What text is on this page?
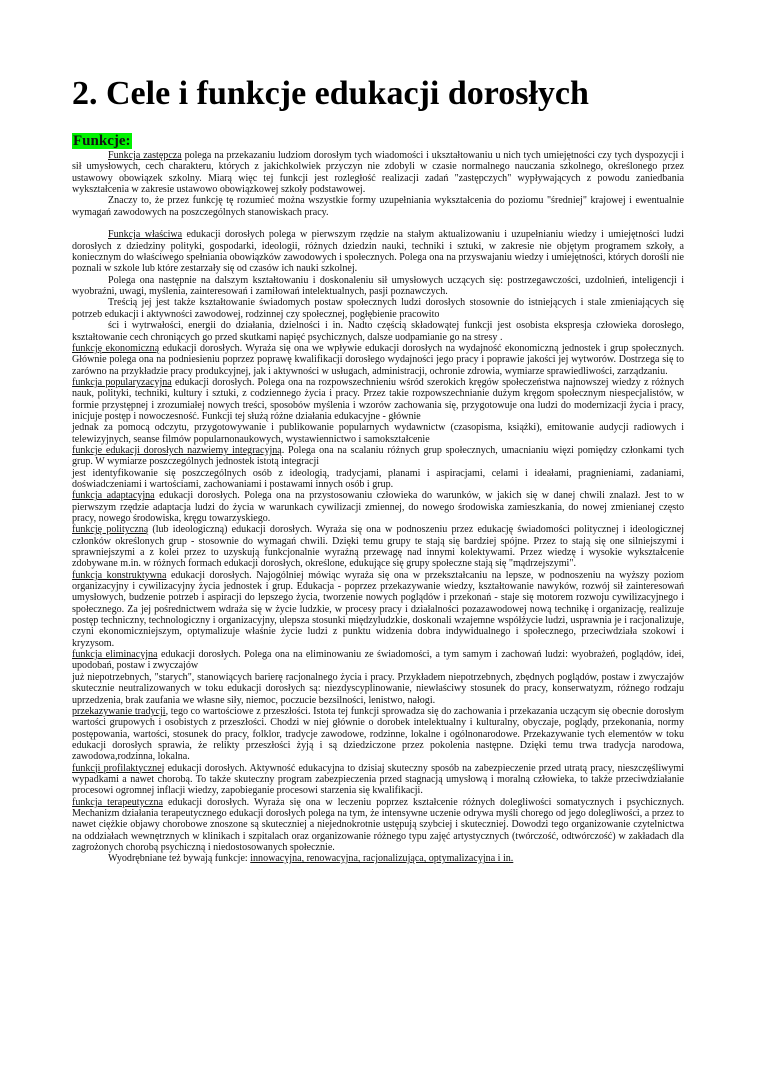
2. Cele i funkcje edukacji dorosłych
Funkcje:

Funkcja zastępcza polega na przekazaniu ludziom dorosłym tych wiadomości i ukształtowaniu u nich tych umiejętności czy tych dyspozycji i sił umysłowych, cech charakteru, których z jakichkolwiek przyczyn nie zdobyli w czasie normalnego nauczania szkolnego, określonego przez ustawowy obowiązek szkolny. Miarą więc tej funkcji jest rozległość realizacji zadań "zastępczych" wypływających z powodu zaniedbania wykształcenia w zakresie ustawowo obowiązkowej szkoły podstawowej.

Znaczy to, że przez funkcję tę rozumieć można wszystkie formy uzupełniania wykształcenia do poziomu "średniej" krajowej i ewentualnie wymagań zawodowych na poszczególnych stanowiskach pracy.

Funkcja właściwa edukacji dorosłych polega w pierwszym rzędzie na stałym aktualizowaniu i uzupełnianiu wiedzy i umiejętności ludzi dorosłych z dziedziny polityki, gospodarki, ideologii, różnych dziedzin nauki, techniki i sztuki, w zakresie nie objętym programem szkoły, a koniecznym do właściwego spełniania obowiązków zawodowych i społecznych. Polega ona na przyswajaniu wiedzy i umiejętności, których dorośli nie poznali w szkole lub które zestarzały się od czasów ich nauki szkolnej.

Polega ona następnie na dalszym kształtowaniu i doskonaleniu sił umysłowych uczących się: postrzegawczości, uzdolnień, inteligencji i wyobraźni, uwagi, myślenia, zainteresowań i zamiłowań intelektualnych, pasji poznawczych.

Treścią jej jest także kształtowanie świadomych postaw społecznych ludzi dorosłych stosownie do istniejących i stale zmieniających się potrzeb edukacji i aktywności zawodowej, rodzinnej czy społecznej, pogłębienie pracowito

ści i wytrwałości, energii do działania, dzielności i in. Nadto częścią składowątej funkcji jest osobista ekspresja człowieka dorosłego, kształtowanie cech chroniących go przed skutkami napięć psychicznych, dalsze uodpamianie go na stresy .

funkcję ekonomiczną edukacji dorosłych. Wyraża się ona we wpływie edukacji dorosłych na wydajność ekonomiczną jednostek i grup społecznych. Głównie polega ona na podniesieniu poprzez poprawę kwalifikacji dorosłego wydajności jego pracy i poprawie jakości jej wytworów. Dostrzega się to zarówno na przykładzie pracy produkcyjnej, jak i aktywności w usługach, administracji, ochronie zdrowia, wymiarze sprawiedliwości, zarządzaniu.

funkcja popularyzacyjna edukacji dorosłych. Polega ona na rozpowszechnieniu wśród szerokich kręgów społeczeństwa najnowszej wiedzy z różnych nauk, polityki, techniki, kultury i sztuki, z codziennego życia i pracy. Przez takie rozpowszechnianie dużym kręgom społecznym niespecjalistów, w formie przystępnej i zrozumiałej nowych treści, sposobów myślenia i wzorów zachowania się, przygotowuje ona ludzi do modernizacji życia i pracy, inicjuje postęp i nowoczesność. Funkcji tej służą różne działania edukacyjne - głównie

jednak za pomocą odczytu, przygotowywanie i publikowanie popularnych wydawnictw (czasopisma, książki), emitowanie audycji radiowych i telewizyjnych, seanse filmów popularnonaukowych, wystawiennictwo i samokształcenie

funkcje edukacji dorosłych nazwiemy integracyjną. Polega ona na scalaniu różnych grup społecznych, umacnianiu więzi pomiędzy członkami tych grup. W wymiarze poszczególnych jednostek istotą integracji

jest identyfikowanie się poszczególnych osób z ideologią, tradycjami, planami i aspiracjami, celami i ideałami, pragnieniami, zadaniami, doświadczeniami i wartościami, zachowaniami i postawami innych osób i grup.

funkcja adaptacyjna edukacji dorosłych. Polega ona na przystosowaniu człowieka do warunków, w jakich się w danej chwili znalazł. Jest to w pierwszym rzędzie adaptacja ludzi do życia w warunkach cywilizacji zmiennej, do nowego środowiska zamieszkania, do nowej zmienianej często pracy, nowego środowiska, kręgu towarzyskiego.

funkcję polityczną (lub ideologiczną) edukacji dorosłych. Wyraża się ona w podnoszeniu przez edukację świadomości politycznej i ideologicznej członków określonych grup - stosownie do wymagań chwili. Dzięki temu grupy te stają się bardziej spójne. Przez to stają się one silniejszymi i sprawniejszymi a z kolei przez to uzyskują funkcjonalnie wyraźną przewagę nad innymi kolektywami. Przez wiedzę i wysokie wykształcenie zdobywane m.in. w różnych formach edukacji dorosłych, określone, edukujące się grupy społeczne stają się "mądrzejszymi".

funkcja konstruktywna edukacji dorosłych. Najogólniej mówiąc wyraża się ona w przekształcaniu na lepsze, w podnoszeniu na wyższy poziom organizacyjny i cywilizacyjny życia jednostek i grup. Edukacja - poprzez przekazywanie wiedzy, kształtowanie nawyków, rozwój sił zainteresowań umysłowych, budzenie potrzeb i aspiracji do lepszego życia, tworzenie nowych poglądów i przekonań - staje się motorem rozwoju cywilizacyjnego i społecznego. Za jej pośrednictwem wdraża się w życie ludzkie, w procesy pracy i działalności pozazawodowej nową technikę i organizację, realizuje postęp techniczny, technologiczny i organizacyjny, ulepsza stosunki międzyludzkie, doskonali wzajemne współżycie ludzi, usprawnia je i racjonalizuje, czyni ekonomiczniejszym, optymalizuje właśnie życie ludzi z punktu widzenia dobra indywidualnego i społecznego, przeciwdziała szokowi i kryzysom.

funkcja eliminacyjna edukacji dorosłych. Polega ona na eliminowaniu ze świadomości, a tym samym i zachowań ludzi: wyobrażeń, poglądów, idei, upodobań, postaw i zwyczajów

już niepotrzebnych, "starych", stanowiących barierę racjonalnego życia i pracy. Przykładem niepotrzebnych, zbędnych poglądów, postaw i zwyczajów skutecznie neutralizowanych w toku edukacji dorosłych są: niezdyscyplinowanie, niewłaściwy stosunek do pracy, konserwatyzm, różnego rodzaju uprzedzenia, brak zaufania we własne siły, niemoc, poczucie bezsilności, lenistwo, nałogi.

przekazywanie tradycji, tego co wartościowe z przeszłości. Istota tej funkcji sprowadza się do zachowania i przekazania uczącym się obecnie dorosłym wartości grupowych i osobistych z przeszłości. Chodzi w niej głównie o dorobek intelektualny i kulturalny, obyczaje, poglądy, przekonania, normy postępowania, wartości, stosunek do pracy, folklor, tradycje zawodowe, rodzinne, lokalne i ogólnonarodowe. Przekazywanie tych elementów w toku edukacji dorosłych sprawia, że relikty przeszłości żyją i są dziedziczone przez pokolenia następne. Dzięki temu trwa tradycja narodowa, zawodowa,rodzinna, lokalna.

funkcji profilaktycznej edukacji dorosłych. Aktywność edukacyjna to dzisiaj skuteczny sposób na zabezpieczenie przed utratą pracy, nieszczęśliwymi wypadkami a nawet chorobą. To także skuteczny program zabezpieczenia przed stagnacją umysłową i moralną człowieka, to także przeciwdziałanie procesowi ogromnej inflacji wiedzy, zapobieganie procesowi starzenia się kwalifikacji.

funkcja terapeutyczna edukacji dorosłych. Wyraża się ona w leczeniu poprzez kształcenie różnych dolegliwości somatycznych i psychicznych. Mechanizm działania terapeutycznego edukacji dorosłych polega na tym, że intensywne uczenie odrywa myśli chorego od jego dolegliwości, a przez to nawet ciężkie objawy chorobowe znoszone są skuteczniej a niejednokrotnie ustępują szybciej i skuteczniej. Dowodzi tego organizowanie czytelnictwa na oddziałach wewnętrznych w klinikach i szpitalach oraz organizowanie różnego typu zajęć artystycznych (twórczość, odtwórczość) w zakładach dla zagrożonych chorobą psychiczną i niedostosowanych społecznie.

Wyodrębniane też bywają funkcje: innowacyjna, renowacyjna, racjonalizująca, optymalizacyjna i in.
